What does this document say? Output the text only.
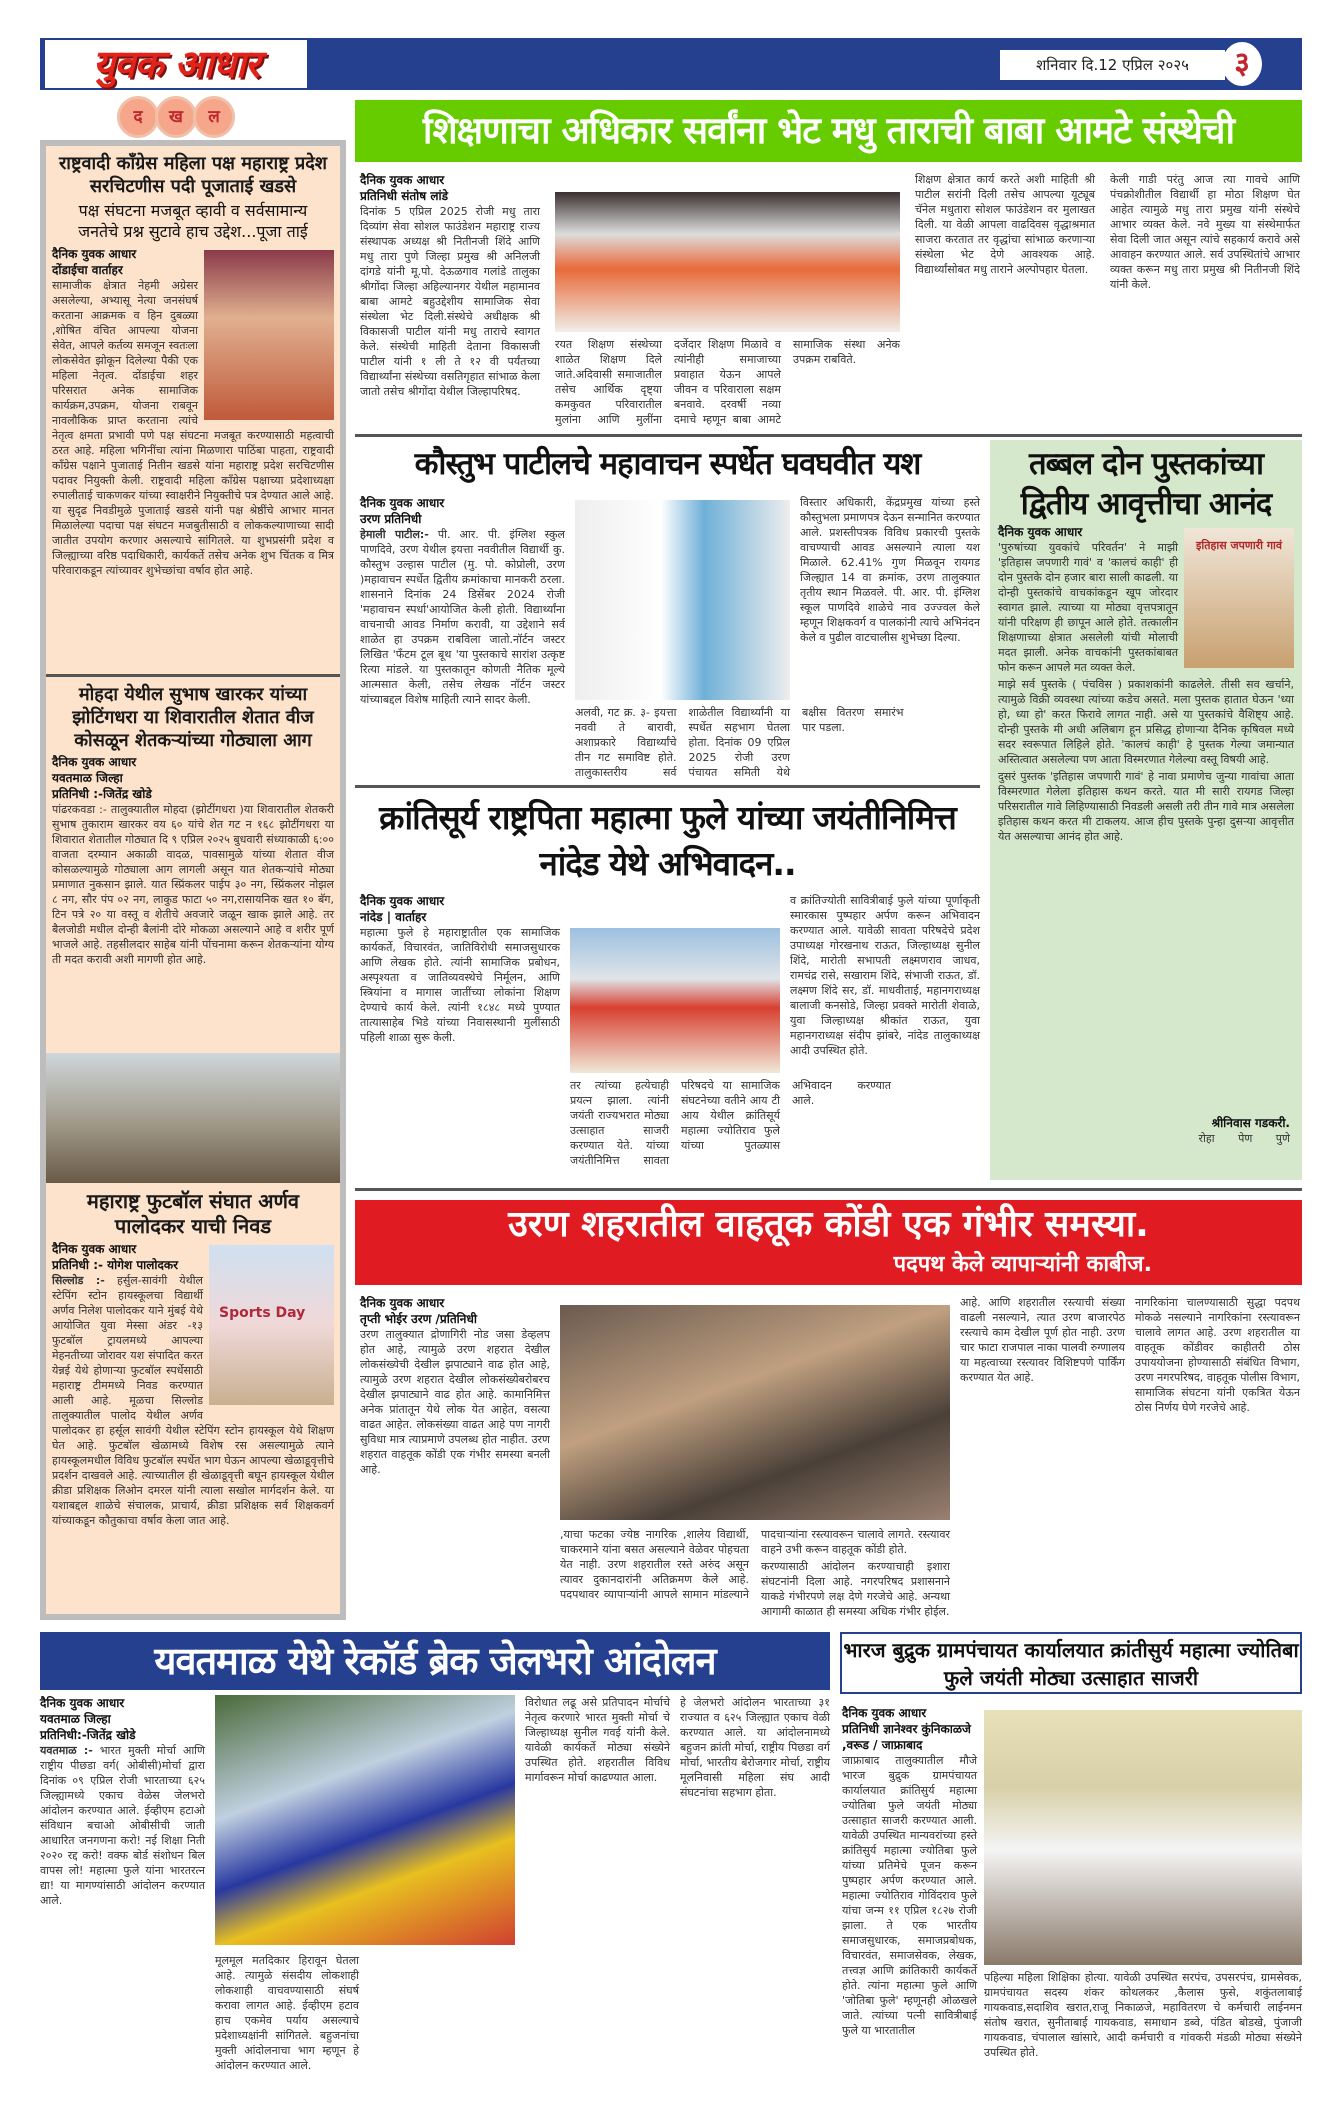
युवक आधार	शनिवार दि.12 एप्रिल २०२५	३
द	ख	ल
राष्ट्रवादी काँग्रेस महिला पक्ष महाराष्ट्र प्रदेश सरचिटणीस पदी पूजाताई खडसे
पक्ष संघटना मजबूत व्हावी व सर्वसामान्य जनतेचे प्रश्न सुटावे हाच उद्देश...पूजा ताई
दैनिक युवक आधार
दोंडाईचा वार्ताहर

सामाजीक क्षेत्रात नेहमी अग्रेसर असलेल्या, अभ्यासू नेत्या जनसंघर्ष करताना आक्रमक व हिन दुबळ्या ,शोषित वंचित आपल्या योजना सेवेत, आपले कर्तव्य समजून स्वतःला लोकसेवेत झोकून दिलेल्या पैकी एक महिला नेतृत्व. दोंडाईचा शहर परिसरात अनेक सामाजिक कार्यक्रम,उपक्रम, योजना राबवून नावलौकिक प्राप्त करताना त्यांचे नेतृत्व क्षमता प्रभावी पणे पक्ष संघटना मजबूत करण्यासाठी महत्वाची ठरत आहे. महिला भगिनींचा त्यांना मिळणारा पाठिंबा पाहता, राष्ट्रवादी काँग्रेस पक्षाने पुजाताई नितीन खडसे यांना महाराष्ट्र प्रदेश सरचिटणीस पदावर नियुक्ती केली. राष्ट्रवादी महिला काँग्रेस पक्षाच्या प्रदेशाध्यक्षा रुपालीताई चाकणकर यांच्या स्वाक्षरीने नियुक्तीचे पत्र देण्यात आले आहे. या सुदृढ निवडीमुळे पुजाताई खडसे यांनी पक्ष श्रेष्ठींचे आभार मानत मिळालेल्या पदाचा पक्ष संघटन मजबुतीसाठी व लोककल्याणाच्या सादी जातीत उपयोग करणार असल्याचे सांगितले. या शुभप्रसंगी प्रदेश व जिल्ह्याच्या वरिष्ठ पदाधिकारी, कार्यकर्ते तसेच अनेक शुभ चिंतक व मित्र परिवाराकडून त्यांच्यावर शुभेच्छांचा वर्षाव होत आहे.

मोहदा येथील सुभाष खारकर यांच्या झोटिंगधरा या शिवारातील शेतात वीज कोसळून शेतकऱ्यांच्या गोठ्याला आग
दैनिक युवक आधार
यवतमाळ जिल्हा
प्रतिनिधी :-जितेंद्र खोडे

पांढरकवडा :- तालुक्यातील मोहदा (झोटींगधरा )या शिवारातील शेतकरी सुभाष तुकाराम खारकर वय ६० यांचे शेत गट न १६८ झोटींगधरा या शिवारात शेतातील गोठ्यात दि ९ एप्रिल २०२५ बुधवारी संध्याकाळी ६:०० वाजता दरम्यान अकाळी वादळ, पावसामुळे यांच्या शेतात वीज कोसळल्यामुळे गोठ्याला आग लागली असून यात शेतकऱ्यांचे मोठ्या प्रमाणात नुकसान झाले. यात स्प्रिंकलर पाईप ३० नग, स्प्रिंकलर नोझल ८ नग, सौर पंप ०२ नग, लाकुड फाटा ५० नग,रासायनिक खत १० बॅग, टिन पत्रे २० या वस्तू व शेतीचे अवजारे जळून खाक झाले आहे. तर बैलजोडी मधील दोन्ही बैलांनी दोरे मोकळा असल्याने आहे व शरीर पूर्ण भाजले आहे. तहसीलदार साहेब यांनी पोंचनामा करून शेतकऱ्यांना योग्य ती मदत करावी अशी मागणी होत आहे.

महाराष्ट्र फुटबॉल संघात अर्णव पालोदकर याची निवड
Sports Day
दैनिक युवक आधार
प्रतिनिधी :- योगेश पालोदकर

सिल्लोड :- हर्सुल-सावंगी येथील स्टेपिंग स्टोन हायस्कूलचा विद्यार्थी अर्णव निलेश पालोदकर याने मुंबई येथे आयोजित युवा मेस्सा अंडर -१३ फुटबॉल ट्रायलमध्ये आपल्या मेहनतीच्या जोरावर यश संपादित करत येन्नई येथे होणाऱ्या फुटबॉल स्पर्धेसाठी महाराष्ट्र टीममध्ये निवड करण्यात आली आहे. मूळचा सिल्लोड तालुक्यातील पालोद येथील अर्णव पालोदकर हा हर्सूल सावंगी येथील स्टेपिंग स्टोन हायस्कूल येथे शिक्षण घेत आहे. फुटबॉल खेळामध्ये विशेष रस असल्यामुळे त्याने हायस्कूलमधील विविध फुटबॉल स्पर्धेत भाग घेऊन आपल्या खेळाडूवृत्तीचे प्रदर्शन दाखवले आहे. त्याच्यातील ही खेळाडूवृत्ती बघून हायस्कूल येथील क्रीडा प्रशिक्षक लिओन दमरल यांनी त्याला सखोल मार्गदर्शन केले. या यशाबद्दल शाळेचे संचालक, प्राचार्य, क्रीडा प्रशिक्षक सर्व शिक्षकवर्ग यांच्याकडून कौतुकाचा वर्षाव केला जात आहे.

शिक्षणाचा अधिकार सर्वांना भेट मधु ताराची बाबा आमटे संस्थेची
दैनिक युवक आधार
प्रतिनिधी संतोष लांडे

दिनांक 5 एप्रिल 2025 रोजी मधु तारा दिव्यांग सेवा सोशल फाउंडेशन महाराष्ट्र राज्य संस्थापक अध्यक्ष श्री नितीनजी शिंदे आणि मधु तारा पुणे जिल्हा प्रमुख श्री अनिलजी दांगडे यांनी मू.पो. देऊळगाव गलांडे तालुका श्रीगोंदा जिल्हा अहिल्यानगर येथील महामानव बाबा आमटे बहुउद्देशीय सामाजिक सेवा संस्थेला भेट दिली.संस्थेचे अधीक्षक श्री विकासजी पाटील यांनी मधु ताराचे स्वागत केले. संस्थेची माहिती देताना विकासजी पाटील यांनी १ ली ते १२ वी पर्यंतच्या विद्यार्थ्यांना संस्थेच्या वसतिगृहात सांभाळ केला जातो तसेच श्रीगोंदा येथील जिल्हापरिषद.

रयत शिक्षण संस्थेच्या शाळेत शिक्षण दिले जाते.अदिवासी समाजातील तसेच आर्थिक दृष्ट्या कमकुवत परिवारातील मुलांना आणि मुलींना दर्जेदार शिक्षण मिळावे व त्यांनीही समाजाच्या प्रवाहात येऊन आपले जीवन व परिवाराला सक्षम बनवावे. दरवर्षी नव्या दमाचे म्हणून बाबा आमटे सामाजिक संस्था अनेक उपक्रम राबविते.

शिक्षण क्षेत्रात कार्य करते अशी माहिती श्री पाटील सरांनी दिली तसेच आपल्या यूट्यूब चॅनेल मधुतारा सोशल फाउंडेशन वर मुलाखत दिली. या वेळी आपला वाढदिवस वृद्धाश्रमात साजरा करतात तर वृद्धांचा सांभाळ करणाऱ्या संस्थेला भेट देणे आवश्यक आहे. विद्यार्थ्यांसोबत मधु ताराने अल्पोपहार घेतला.

केली गाडी परंतु आज त्या गावचे आणि पंचक्रोशीतील विद्यार्थी हा मोठा शिक्षण घेत आहेत त्यामुळे मधु तारा प्रमुख यांनी संस्थेचे आभार व्यक्त केले. नवे मुख्य या संस्थेमार्फत सेवा दिली जात असून त्यांचे सहकार्य करावे असे आवाहन करण्यात आले. सर्व उपस्थितांचे आभार व्यक्त करून मधु तारा प्रमुख श्री नितीनजी शिंदे यांनी केले.

कौस्तुभ पाटीलचे महावाचन स्पर्धेत घवघवीत यश
दैनिक युवक आधार
उरण प्रतिनिधी

हेमाली पाटील:- पी. आर. पी. इंग्लिश स्कुल पाणदिवे, उरण येथील इयत्ता नववीतील विद्यार्थी कु. कौस्तुभ उल्हास पाटील (मु. पो. कोप्रोली, उरण )महावाचन स्पर्धेत द्वितीय क्रमांकाचा मानकरी ठरला. शासनाने दिनांक 24 डिसेंबर 2024 रोजी 'महावाचन स्पर्धा'आयोजित केली होती. विद्यार्थ्यांना वाचनाची आवड निर्माण करावी, या उद्देशाने सर्व शाळेत हा उपक्रम राबविला जातो.नॉर्टन जस्टर लिखित 'फँटम टूल बूथ 'या पुस्तकाचे सारांश उत्कृष्ट रित्या मांडले. या पुस्तकातून कोणती नैतिक मूल्ये आत्मसात केली, तसेच लेखक नॉर्टन जस्टर यांच्याबद्दल विशेष माहिती त्याने सादर केली.

अलवी, गट क्र. ३- इयत्ता नववी ते बारावी, अशाप्रकारे विद्यार्थ्यांचे तीन गट समाविष्ट होते. तालुकास्तरीय सर्व शाळेतील विद्यार्थ्यांनी या स्पर्धेत सहभाग घेतला होता. दिनांक 09 एप्रिल 2025 रोजी उरण पंचायत समिती येथे बक्षीस वितरण समारंभ पार पडला.

विस्तार अधिकारी, केंद्रप्रमुख यांच्या हस्ते कौस्तुभला प्रमाणपत्र देऊन सन्मानित करण्यात आले. प्रशस्तीपत्रक विविध प्रकारची पुस्तके वाचण्याची आवड असल्याने त्याला यश मिळाले. 62.41% गुण मिळवून रायगड जिल्ह्यात 14 वा क्रमांक, उरण तालुक्यात तृतीय स्थान मिळवले. पी. आर. पी. इंग्लिश स्कूल पाणदिवे शाळेचे नाव उज्ज्वल केले म्हणून शिक्षकवर्ग व पालकांनी त्याचे अभिनंदन केले व पुढील वाटचालीस शुभेच्छा दिल्या.

तब्बल दोन पुस्तकांच्या द्वितीय आवृत्तीचा आनंद
इतिहास जपणारी गावं
दैनिक युवक आधार

'पुरुषांच्या युवकांचे परिवर्तन' ने माझी 'इतिहास जपणारी गावं' व 'कालचं काही' ही दोन पुस्तके दोन हजार बारा साली काढली. या दोन्ही पुस्तकांचे वाचकांकडून खूप जोरदार स्वागत झाले. त्याच्या या मोठ्या वृत्तपत्रातून यांनी परिक्षण ही छापून आले होते. तत्कालीन शिक्षणाच्या क्षेत्रात असलेली यांची मोलाची मदत झाली. अनेक वाचकांनी पुस्तकांबाबत फोन करून आपले मत व्यक्त केले.

माझे सर्व पुस्तके ( पंचविस ) प्रकाशकांनी काढलेले. तीसी सव खर्चाने, त्यामुळे विक्री व्यवस्था त्यांच्या कडेच असते. मला पुस्तक हातात घेऊन 'ध्या हो, ध्या हो' करत फिरावे लागत नाही. असे या पुस्तकांचे वैशिष्ट्य आहे. दोन्ही पुस्तके मी अधी अलिबाग हून प्रसिद्ध होणाऱ्या दैनिक कृषिवल मध्ये सदर स्वरूपात लिहिले होते. 'कालचं काही' हे पुस्तक गेल्या जमान्यात अस्तित्वात असलेल्या पण आता विस्मरणात गेलेल्या वस्तू विषयी आहे.

दुसरं पुस्तक 'इतिहास जपणारी गावं' हे नावा प्रमाणेच जुन्या गावांचा आता विस्मरणात गेलेला इतिहास कथन करते. यात मी सारी रायगड जिल्हा परिसरातील गावे लिहिण्यासाठी निवडली असली तरी तीन गावे मात्र असलेला इतिहास कथन करत मी टाकलय. आज हीच पुस्तके पुन्हा दुसऱ्या आवृत्तीत येत असल्याचा आनंद होत आहे.

श्रीनिवास गडकरी.
रोहा पेण पुणे
क्रांतिसूर्य राष्ट्रपिता महात्मा फुले यांच्या जयंतीनिमित्त नांदेड येथे अभिवादन..
दैनिक युवक आधार
नांदेड | वार्ताहर

महात्मा फुले हे महाराष्ट्रातील एक सामाजिक कार्यकर्ते, विचारवंत, जातिविरोधी समाजसुधारक आणि लेखक होते. त्यांनी सामाजिक प्रबोधन, अस्पृश्यता व जातिव्यवस्थेचे निर्मूलन, आणि स्त्रियांना व मागास जातींच्या लोकांना शिक्षण देण्याचे कार्य केले. त्यांनी १८४८ मध्ये पुण्यात तात्यासाहेब भिडे यांच्या निवासस्थानी मुलींसाठी पहिली शाळा सुरू केली.

तर त्यांच्या हत्येचाही प्रयत्न झाला. त्यांनी जयंती राज्यभरात मोठ्या उत्साहात साजरी करण्यात येते. यांच्या जयंतीनिमित्त सावता परिषदचे या सामाजिक संघटनेच्या वतीने आय टी आय येथील क्रांतिसूर्य महात्मा ज्योतिराव फुले यांच्या पुतळ्यास अभिवादन करण्यात आले.

व क्रांतिज्योती सावित्रीबाई फुले यांच्या पूर्णाकृती स्मारकास पुष्पहार अर्पण करून अभिवादन करण्यात आले. यावेळी सावता परिषदेचे प्रदेश उपाध्यक्ष गोरखनाथ राऊत, जिल्हाध्यक्ष सुनील शिंदे, मारोती सभापती लक्ष्मणराव जाधव, रामचंद्र रासे, सखाराम शिंदे, संभाजी राऊत, डॉ. लक्ष्मण शिंदे सर, डॉ. माधवीताई, महानगराध्यक्ष बालाजी कनसोडे, जिल्हा प्रवक्ते मारोती शेवाळे, युवा जिल्हाध्यक्ष श्रीकांत राऊत, युवा महानगराध्यक्ष संदीप झांबरे, नांदेड तालुकाध्यक्ष आदी उपस्थित होते.

उरण शहरातील वाहतूक कोंडी एक गंभीर समस्या.
पदपथ केले व्यापाऱ्यांनी काबीज.
दैनिक युवक आधार
तृप्ती भोईर उरण /प्रतिनिधी

उरण तालुक्यात द्रोणागिरी नोड जसा डेव्हलप होत आहे, त्यामुळे उरण शहरात देखील लोकसंख्येची देखील झपाट्याने वाढ होत आहे, त्यामुळे उरण शहरात देखील लोकसंख्येबरोबरच देखील झपाट्याने वाढ होत आहे. कामानिमित्त अनेक प्रांतातून येथे लोक येत आहेत, वसत्या वाढत आहेत. लोकसंख्या वाढत आहे पण नागरी सुविधा मात्र त्याप्रमाणे उपलब्ध होत नाहीत. उरण शहरात वाहतूक कोंडी एक गंभीर समस्या बनली आहे.

,याचा फटका ज्येष्ठ नागरिक ,शालेय विद्यार्थी, चाकरमाने यांना बसत असल्याने वेळेवर पोहचता येत नाही. उरण शहरातील रस्ते अरुंद असून त्यावर दुकानदारांनी अतिक्रमण केले आहे. पदपथावर व्यापाऱ्यांनी आपले सामान मांडल्याने पादचाऱ्यांना रस्त्यावरून चालावे लागते. रस्त्यावर वाहने उभी करून वाहतूक कोंडी होते.

करण्यासाठी आंदोलन करण्याचाही इशारा संघटनांनी दिला आहे. नगरपरिषद प्रशासनाने याकडे गंभीरपणे लक्ष देणे गरजेचे आहे. अन्यथा आगामी काळात ही समस्या अधिक गंभीर होईल.

आहे. आणि शहरातील रस्त्याची संख्या वाढली नसल्याने, त्यात उरण बाजारपेठ रस्त्याचे काम देखील पूर्ण होत नाही. उरण चार फाटा राजपाल नाका पालवी रुग्णालय या महत्वाच्या रस्त्यावर विशिष्टपणे पार्किंग करण्यात येत आहे.

नागरिकांना चालण्यासाठी सुद्धा पदपथ मोकळे नसल्याने नागरिकांना रस्त्यावरून चालावे लागत आहे. उरण शहरातील या वाहतूक कोंडीवर काहीतरी ठोस उपाययोजना होण्यासाठी संबंधित विभाग, उरण नगरपरिषद, वाहतूक पोलीस विभाग, सामाजिक संघटना यांनी एकत्रित येऊन ठोस निर्णय घेणे गरजेचे आहे.

यवतमाळ येथे रेकॉर्ड ब्रेक जेलभरो आंदोलन
दैनिक युवक आधार
यवतमाळ जिल्हा
प्रतिनिधी:-जितेंद्र खोडे

यवतमाळ :- भारत मुक्ती मोर्चा आणि राष्ट्रीय पीछडा वर्ग( ओबीसी)मोर्चा द्वारा दिनांक ०९ एप्रिल रोजी भारताच्या ६२५ जिल्ह्यामध्ये एकाच वेळेस जेलभरो आंदोलन करण्यात आले. ईव्हीएम हटाओ संविधान बचाओ ओबीसीची जाती आधारित जनगणना करो! नई शिक्षा निती २०२० रद्द करो! वक्फ बोर्ड संशोधन बिल वापस लो! महात्मा फुले यांना भारतरत्न द्या! या मागण्यांसाठी आंदोलन करण्यात आले.

मूलमूल मतदिकार हिरावून घेतला आहे. त्यामुळे संसदीय लोकशाही लोकशाही वाचवण्यासाठी संघर्ष करावा लागत आहे. ईव्हीएम हटाव हाच एकमेव पर्याय असल्याचे प्रदेशाध्यक्षांनी सांगितले. बहुजनांचा मुक्ती आंदोलनाचा भाग म्हणून हे आंदोलन करण्यात आले.

विरोधात लढू असे प्रतिपादन मोर्चाचे नेतृत्व करणारे भारत मुक्ती मोर्चा चे जिल्हाध्यक्ष सुनील गवई यांनी केले. यावेळी कार्यकर्ते मोठ्या संख्येने उपस्थित होते. शहरातील विविध मार्गावरून मोर्चा काढण्यात आला.

हे जेलभरो आंदोलन भारताच्या ३१ राज्यात व ६२५ जिल्ह्यात एकाच वेळी करण्यात आले. या आंदोलनामध्ये बहुजन क्रांती मोर्चा, राष्ट्रीय पिछडा वर्ग मोर्चा, भारतीय बेरोजगार मोर्चा, राष्ट्रीय मूलनिवासी महिला संघ आदी संघटनांचा सहभाग होता.

भारज बुद्रुक ग्रामपंचायत कार्यालयात क्रांतीसुर्य महात्मा ज्योतिबा फुले जयंती मोठ्या उत्साहात साजरी
दैनिक युवक आधार
प्रतिनिधी ज्ञानेश्वर कुंनिकाळजे
,वरूड / जाफ्राबाद

जाफ्राबाद तालुक्यातील मौजे भारज बुद्रुक ग्रामपंचायत कार्यालयात क्रांतिसुर्य महात्मा ज्योतिबा फुले जयंती मोठ्या उत्साहात साजरी करण्यात आली. यावेळी उपस्थित मान्यवरांच्या हस्ते क्रांतिसुर्य महात्मा ज्योतिबा फुले यांच्या प्रतिमेचे पूजन करून पुष्पहार अर्पण करण्यात आले. महात्मा ज्योतिराव गोविंदराव फुले यांचा जन्म ११ एप्रिल १८२७ रोजी झाला. ते एक भारतीय समाजसुधारक, समाजप्रबोधक, विचारवंत, समाजसेवक, लेखक, तत्त्वज्ञ आणि क्रांतिकारी कार्यकर्ते होते. त्यांना महात्मा फुले आणि 'जोतिबा फुले' म्हणूनही ओळखले जाते. त्यांच्या पत्नी सावित्रीबाई फुले या भारतातील

पहिल्या महिला शिक्षिका होत्या. यावेळी उपस्थित सरपंच, उपसरपंच, ग्रामसेवक, ग्रामपंचायत सदस्य शंकर कोथलकर ,कैलास फुसे, शकुंतलाबाई गायकवाड,सदाशिव खरात,राजू निकाळजे, महावितरण चे कर्मचारी लाईनमन संतोष खरात, सुनीताबाई गायकवाड, समाधान डब्वे, पंडित बोडखे, पुंजाजी गायकवाड, चंपालाल खांसारे, आदी कर्मचारी व गांवकरी मंडळी मोठ्या संख्येने उपस्थित होते.
